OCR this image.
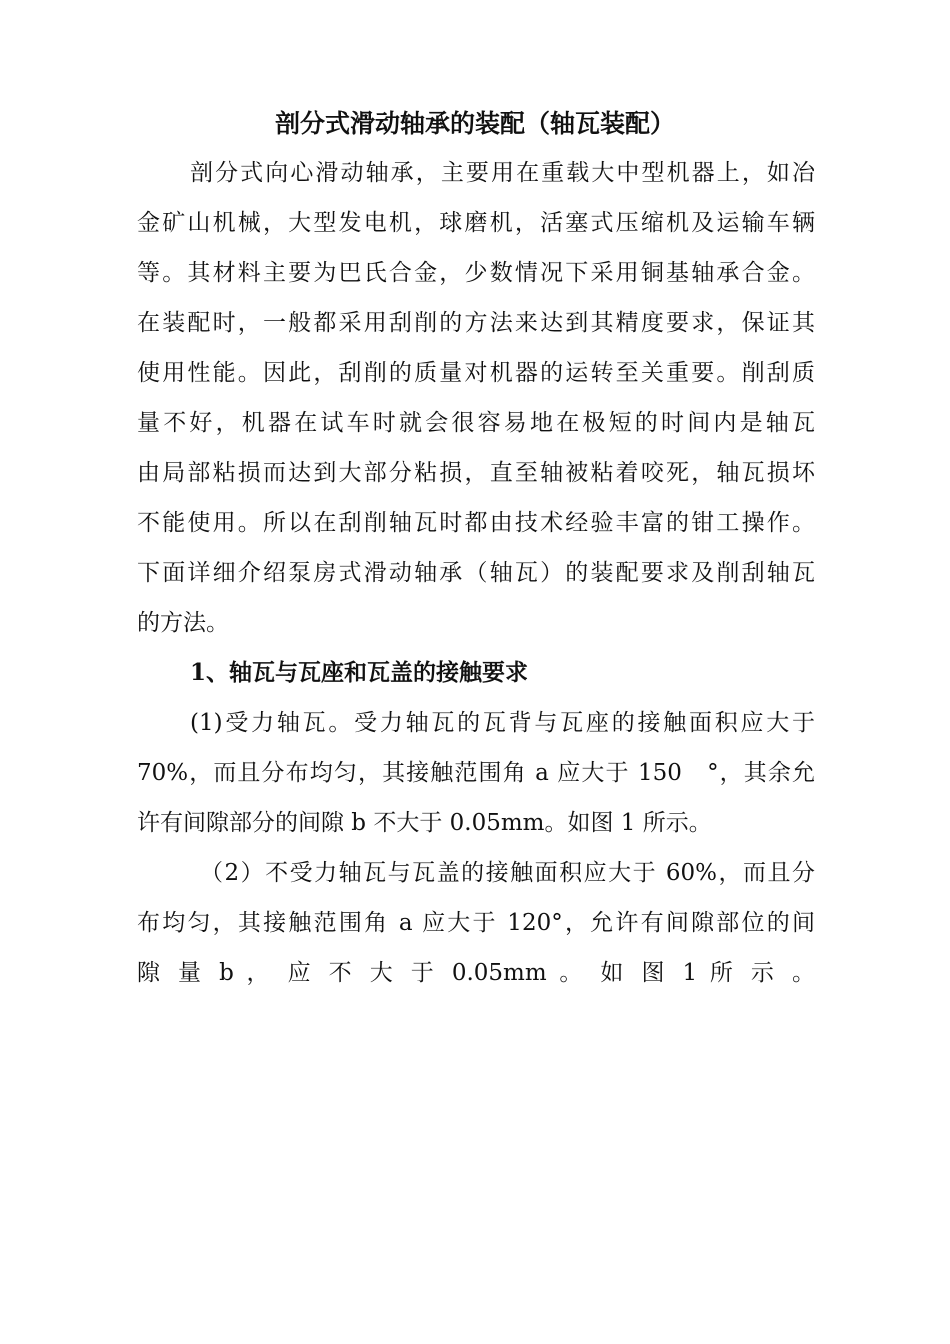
剖分式滑动轴承的装配（轴瓦装配）
剖分式向心滑动轴承，主要用在重载大中型机器上，如冶
金矿山机械，大型发电机，球磨机，活塞式压缩机及运输车辆
等。其材料主要为巴氏合金，少数情况下采用铜基轴承合金。
在装配时，一般都采用刮削的方法来达到其精度要求，保证其
使用性能。因此，刮削的质量对机器的运转至关重要。削刮质
量不好，机器在试车时就会很容易地在极短的时间内是轴瓦
由局部粘损而达到大部分粘损，直至轴被粘着咬死，轴瓦损坏
不能使用。所以在刮削轴瓦时都由技术经验丰富的钳工操作。
下面详细介绍泵房式滑动轴承（轴瓦）的装配要求及削刮轴瓦
的方法。
1、轴瓦与瓦座和瓦盖的接触要求
(1)受力轴瓦。受力轴瓦的瓦背与瓦座的接触面积应大于
70%，而且分布均匀，其接触范围角 a 应大于 150　°，其余允
许有间隙部分的间隙 b 不大于 0.05mm。如图 1 所示。
（2）不受力轴瓦与瓦盖的接触面积应大于 60%，而且分
布均匀，其接触范围角 a 应大于 120°，允许有间隙部位的间
隙 量 b ， 应 不 大 于 0.05mm 。 如 图 1 所 示 。
